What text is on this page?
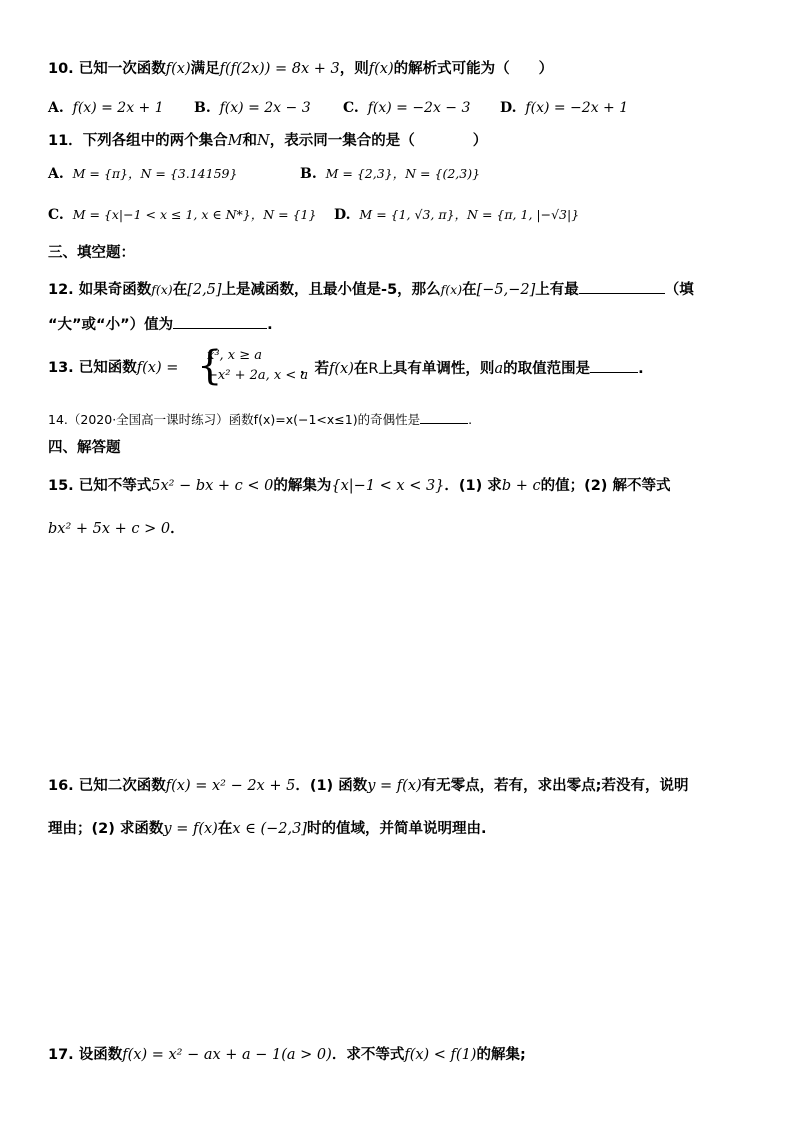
10. 已知一次函数f(x)满足f(f(2x)) = 8x + 3，则f(x)的解析式可能为（　　）
A. f(x) = 2x + 1 B. f(x) = 2x − 3 C. f(x) = −2x − 3 D. f(x) = −2x + 1
11．下列各组中的两个集合M和N，表示同一集合的是（　　　　）
A. M = {π}，N = {3.14159}	B. M = {2,3}，N = {(2,3)}
C. M = {x|−1 < x ≤ 1, x ∈ N*}，N = {1} D. M = {1, √3, π}，N = {π, 1, |−√3|}
三、填空题：
12. 如果奇函数f(x)在[2,5]上是减函数，且最小值是-5，那么f(x)在[−5,−2]上有最	（填
“大”或“小”）值为	.
13. 已知函数f(x) = {
x³, x ≥ a
−x² + 2a, x < a
，若f(x)在R上具有单调性，则a的取值范围是	.
14.（2020·全国高一课时练习）函数f(x)=x(−1<x≤1)的奇偶性是	.
四、解答题
15. 已知不等式5x² − bx + c < 0的解集为{x|−1 < x < 3}．(1) 求b + c的值；(2) 解不等式
bx² + 5x + c > 0．
16. 已知二次函数f(x) = x² − 2x + 5．(1) 函数y = f(x)有无零点，若有，求出零点;若没有，说明
理由；(2) 求函数y = f(x)在x ∈ (−2,3]时的值域，并简单说明理由.
17. 设函数f(x) = x² − ax + a − 1(a > 0)．求不等式f(x) < f(1)的解集;
